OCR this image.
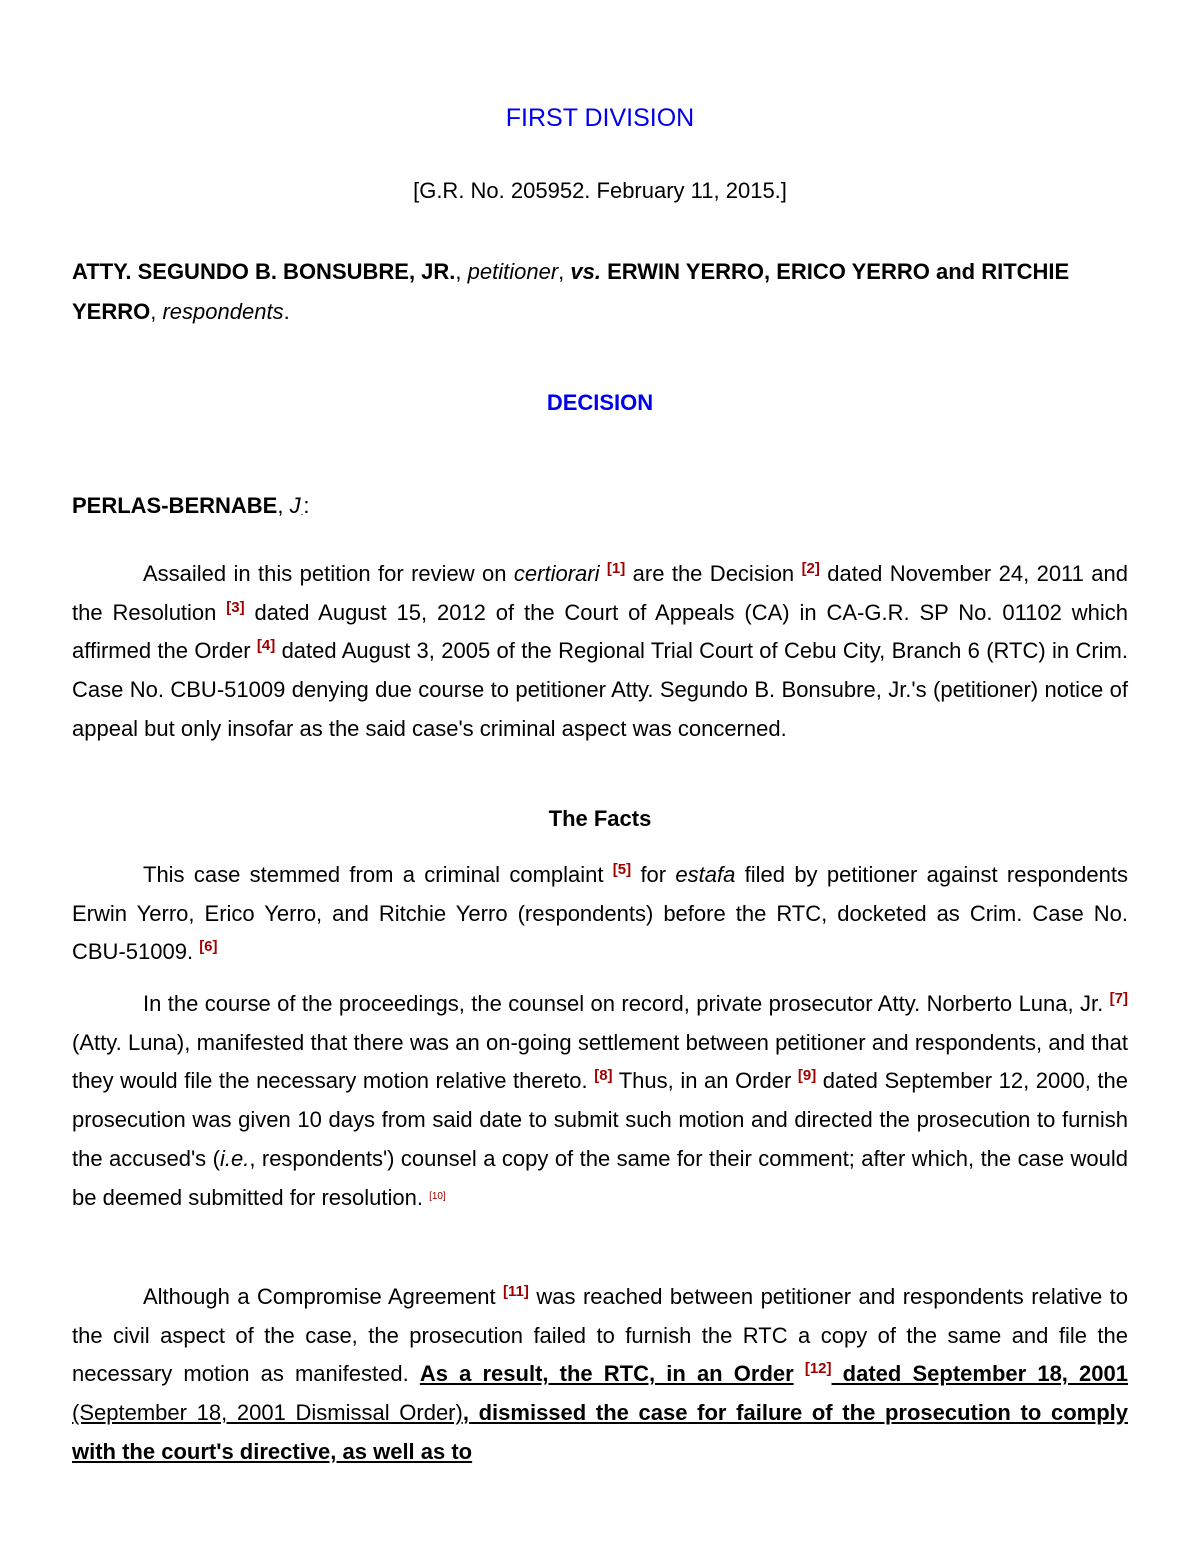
FIRST DIVISION
[G.R. No. 205952. February 11, 2015.]
ATTY. SEGUNDO B. BONSUBRE, JR., petitioner, vs. ERWIN YERRO, ERICO YERRO and RITCHIE YERRO, respondents.
DECISION
PERLAS-BERNABE, J.:

Assailed in this petition for review on certiorari [1] are the Decision [2] dated November 24, 2011 and the Resolution [3] dated August 15, 2012 of the Court of Appeals (CA) in CA-G.R. SP No. 01102 which affirmed the Order [4] dated August 3, 2005 of the Regional Trial Court of Cebu City, Branch 6 (RTC) in Crim. Case No. CBU-51009 denying due course to petitioner Atty. Segundo B. Bonsubre, Jr.'s (petitioner) notice of appeal but only insofar as the said case's criminal aspect was concerned.

The Facts

This case stemmed from a criminal complaint [5] for estafa filed by petitioner against respondents Erwin Yerro, Erico Yerro, and Ritchie Yerro (respondents) before the RTC, docketed as Crim. Case No. CBU-51009. [6]

In the course of the proceedings, the counsel on record, private prosecutor Atty. Norberto Luna, Jr. [7] (Atty. Luna), manifested that there was an on-going settlement between petitioner and respondents, and that they would file the necessary motion relative thereto. [8] Thus, in an Order [9] dated September 12, 2000, the prosecution was given 10 days from said date to submit such motion and directed the prosecution to furnish the accused's (i.e., respondents') counsel a copy of the same for their comment; after which, the case would be deemed submitted for resolution. [10]

Although a Compromise Agreement [11] was reached between petitioner and respondents relative to the civil aspect of the case, the prosecution failed to furnish the RTC a copy of the same and file the necessary motion as manifested. As a result, the RTC, in an Order [12] dated September 18, 2001 (September 18, 2001 Dismissal Order), dismissed the case for failure of the prosecution to comply with the court's directive, as well as to
